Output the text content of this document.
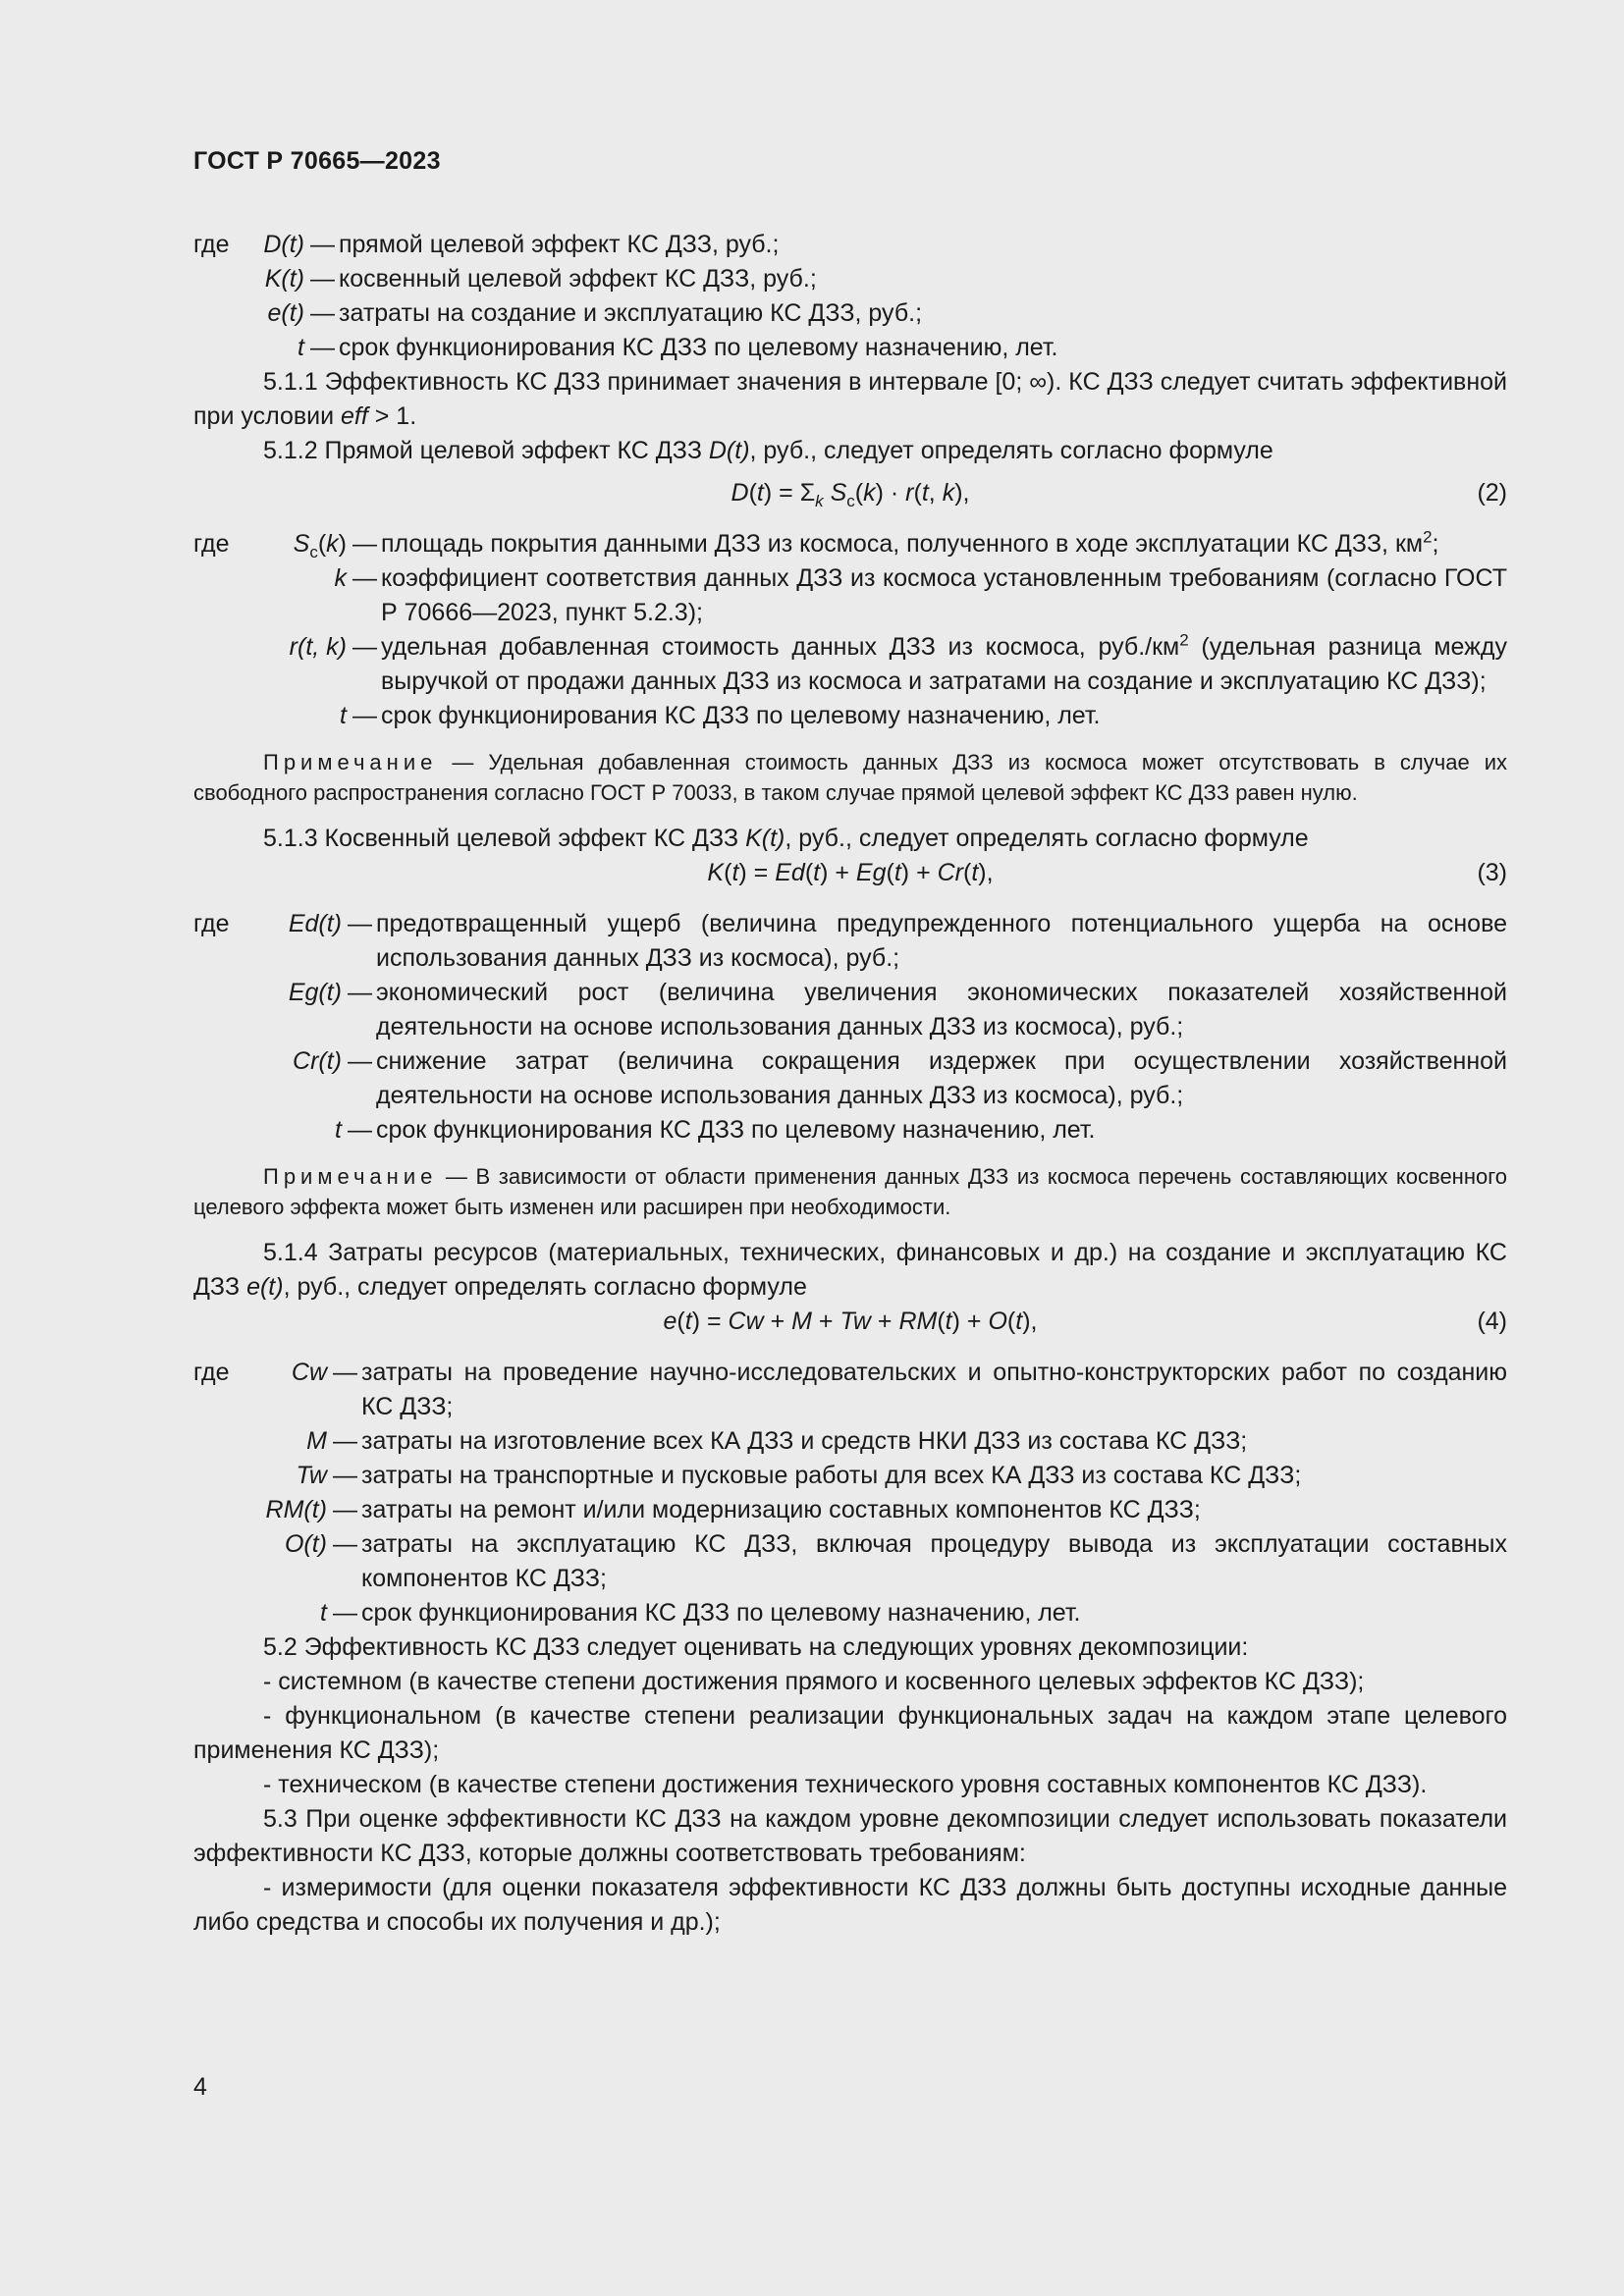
ГОСТ Р 70665—2023
где D(t) — прямой целевой эффект КС ДЗЗ, руб.;
K(t) — косвенный целевой эффект КС ДЗЗ, руб.;
e(t) — затраты на создание и эксплуатацию КС ДЗЗ, руб.;
t — срок функционирования КС ДЗЗ по целевому назначению, лет.
5.1.1 Эффективность КС ДЗЗ принимает значения в интервале [0; ∞). КС ДЗЗ следует считать эффективной при условии eff > 1.
5.1.2 Прямой целевой эффект КС ДЗЗ D(t), руб., следует определять согласно формуле
$D(t) = \Sigma_k$ $S_с(k) \cdot r(t$, k),	(2)
где	$S_с(k)$ — площадь покрытия данными ДЗЗ из космоса, полученного в ходе эксплуатации КС ДЗЗ, $км^2$;
k — коэффициент соответствия данных ДЗЗ из космоса установленным требованиям (согласно ГОСТ Р 70666—2023, пункт 5.2.3);
r(t, k) — удельная добавленная стоимость данных ДЗЗ из космоса, $руб./км^2$ (удельная разница между выручкой от продажи данных ДЗЗ из космоса и затратами на создание и эксплуатацию КС ДЗЗ);
t — срок функционирования КС ДЗЗ по целевому назначению, лет.
Примечание — Удельная добавленная стоимость данных ДЗЗ из космоса может отсутствовать в случае их свободного распространения согласно ГОСТ Р 70033, в таком случае прямой целевой эффект КС ДЗЗ равен нулю.
5.1.3 Косвенный целевой эффект КС ДЗЗ K(t), руб., следует определять согласно формуле
K(t) = Ed(t) + Eg(t) + Cr(t),	(3)
где Ed(t) — предотвращенный ущерб (величина предупрежденного потенциального ущерба на основе использования данных ДЗЗ из космоса), руб.;
Eg(t) — экономический рост (величина увеличения экономических показателей хозяйственной деятельности на основе использования данных ДЗЗ из космоса), руб.;
Cr(t) — снижение затрат (величина сокращения издержек при осуществлении хозяйственной деятельности на основе использования данных ДЗЗ из космоса), руб.;
t — срок функционирования КС ДЗЗ по целевому назначению, лет.
Примечание — В зависимости от области применения данных ДЗЗ из космоса перечень составляющих косвенного целевого эффекта может быть изменен или расширен при необходимости.
5.1.4 Затраты ресурсов (материальных, технических, финансовых и др.) на создание и эксплуатацию КС ДЗЗ e(t), руб., следует определять согласно формуле
e(t) = Cw + M + Tw + RM(t) + O(t),	(4)
где	Cw — затраты на проведение научно-исследовательских и опытно-конструкторских работ по созданию КС ДЗЗ;
M — затраты на изготовление всех КА ДЗЗ и средств НКИ ДЗЗ из состава КС ДЗЗ;
Tw — затраты на транспортные и пусковые работы для всех КА ДЗЗ из состава КС ДЗЗ;
RM(t) — затраты на ремонт и/или модернизацию составных компонентов КС ДЗЗ;
O(t) — затраты на эксплуатацию КС ДЗЗ, включая процедуру вывода из эксплуатации составных компонентов КС ДЗЗ;
t — срок функционирования КС ДЗЗ по целевому назначению, лет.
5.2 Эффективность КС ДЗЗ следует оценивать на следующих уровнях декомпозиции:
- системном (в качестве степени достижения прямого и косвенного целевых эффектов КС ДЗЗ);
- функциональном (в качестве степени реализации функциональных задач на каждом этапе целевого применения КС ДЗЗ);
- техническом (в качестве степени достижения технического уровня составных компонентов КС ДЗЗ).
5.3 При оценке эффективности КС ДЗЗ на каждом уровне декомпозиции следует использовать показатели эффективности КС ДЗЗ, которые должны соответствовать требованиям:
- измеримости (для оценки показателя эффективности КС ДЗЗ должны быть доступны исходные данные либо средства и способы их получения и др.);
4
